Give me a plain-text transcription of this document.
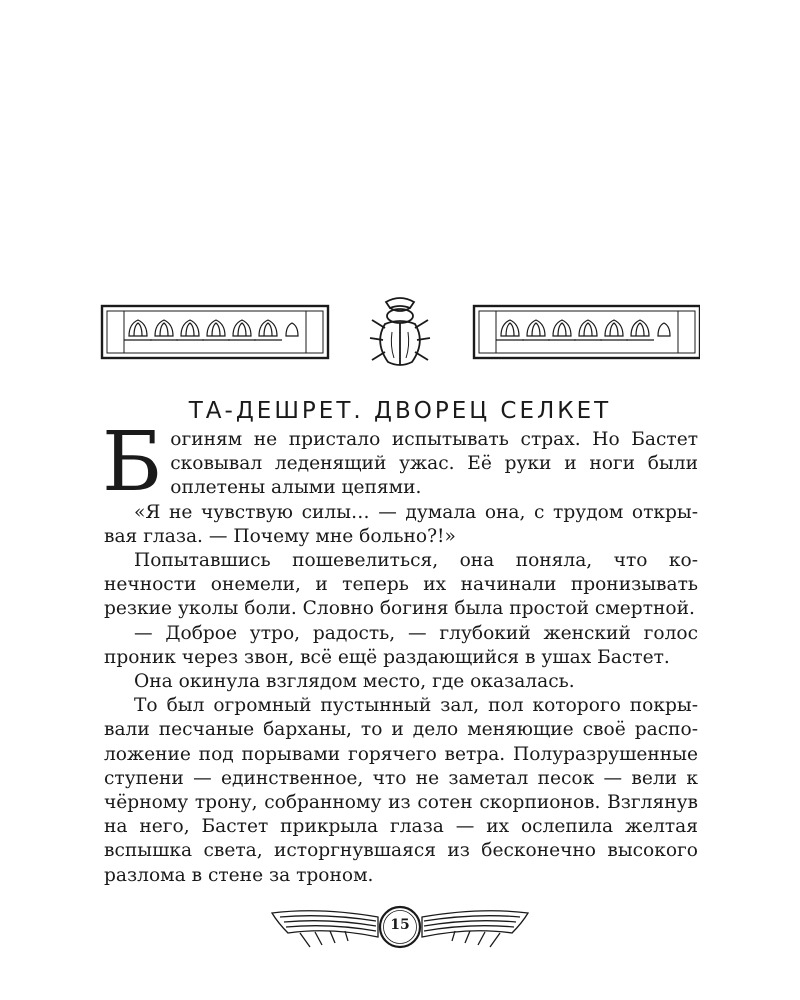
ТА-ДЕШРЕТ. ДВОРЕЦ СЕЛКЕТ

Богиням не пристало испытывать страх. Но Бастет сковывал леденящий ужас. Её руки и ноги были оплетены алыми цепями.

«Я не чувствую силы… — думала она, с трудом открывая глаза. — Почему мне больно?!»

Попытавшись пошевелиться, она поняла, что конечности онемели, и теперь их начинали пронизывать резкие уколы боли. Словно богиня была простой смертной.

— Доброе утро, радость, — глубокий женский голос проник через звон, всё ещё раздающийся в ушах Бастет.

Она окинула взглядом место, где оказалась.

То был огромный пустынный зал, пол которого покрывали песчаные барханы, то и дело меняющие своё расположение под порывами горячего ветра. Полуразрушенные ступени — единственное, что не заметал песок — вели к чёрному трону, собранному из сотен скорпионов. Взглянув на него, Бастет прикрыла глаза — их ослепила желтая вспышка света, исторгнувшаяся из бесконечно высокого разлома в стене за троном.

15
